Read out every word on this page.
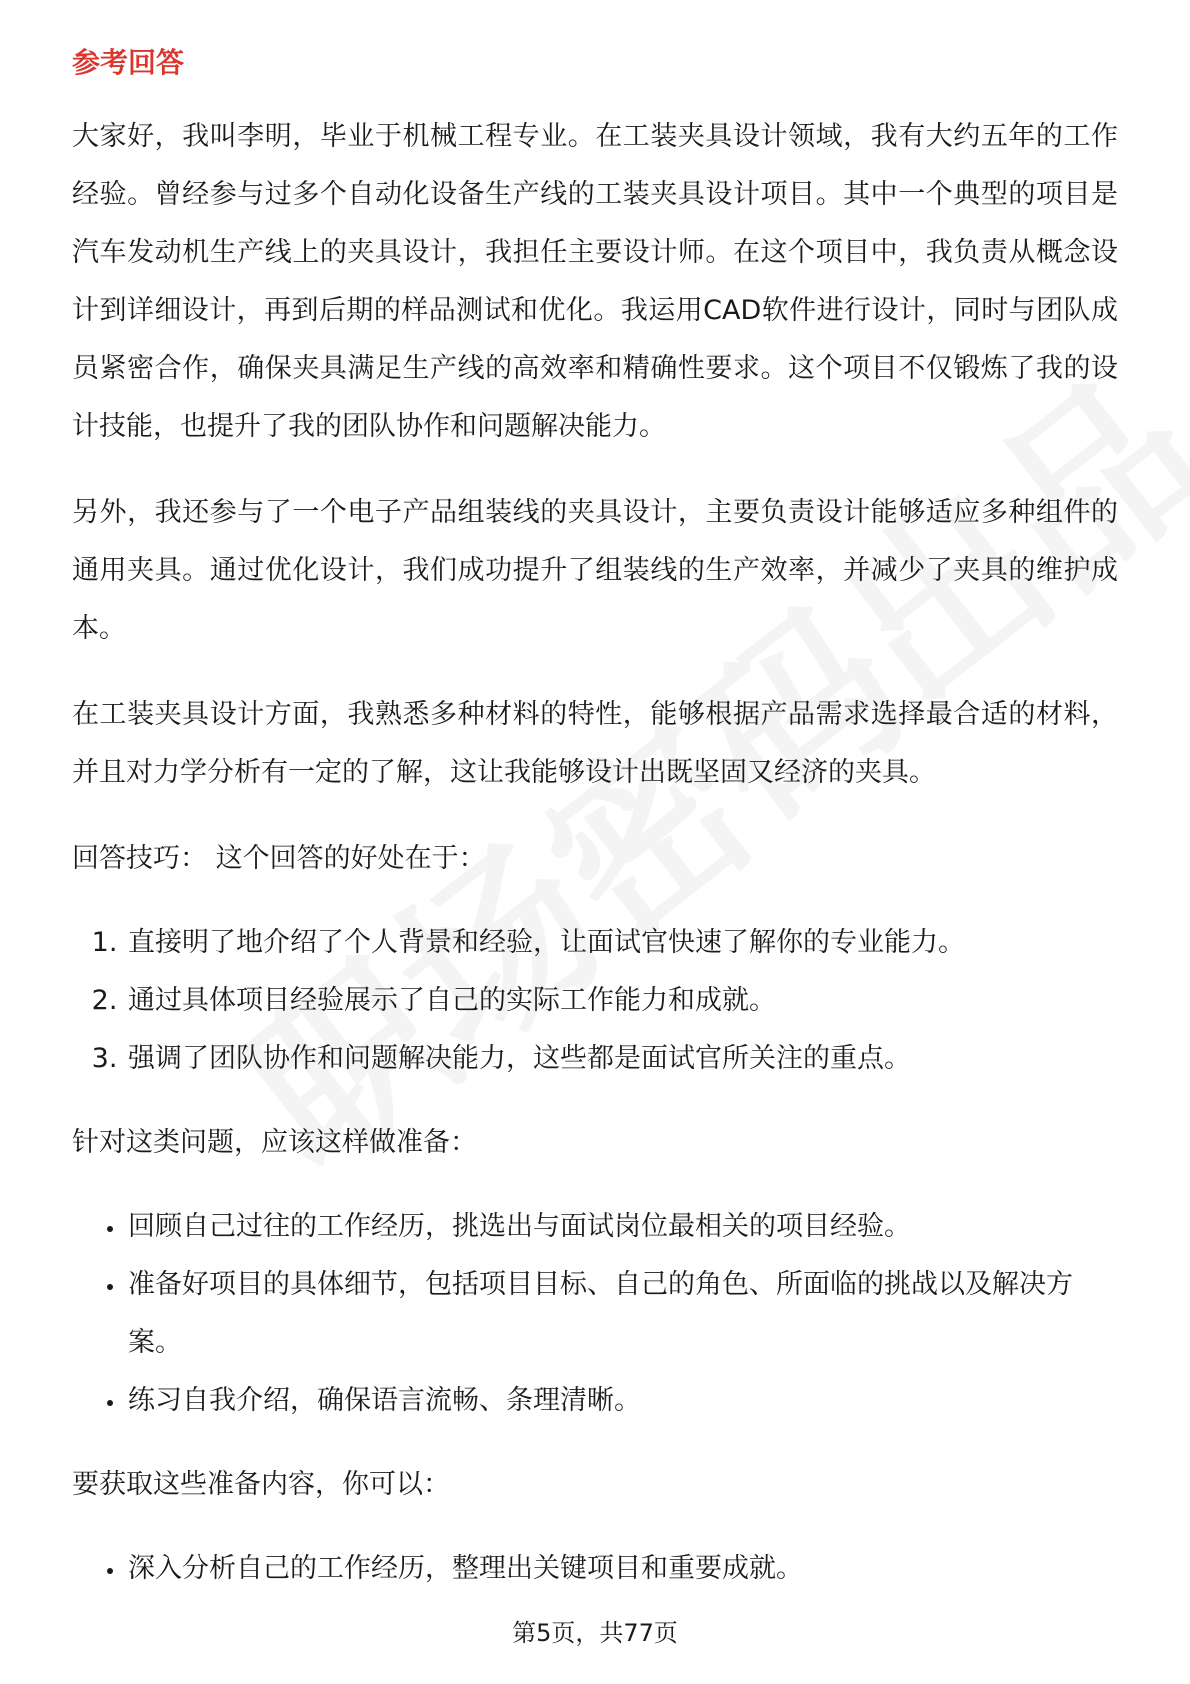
参考回答

大家好，我叫李明，毕业于机械工程专业。在工装夹具设计领域，我有大约五年的工作经验。曾经参与过多个自动化设备生产线的工装夹具设计项目。其中一个典型的项目是汽车发动机生产线上的夹具设计，我担任主要设计师。在这个项目中，我负责从概念设计到详细设计，再到后期的样品测试和优化。我运用CAD软件进行设计，同时与团队成员紧密合作，确保夹具满足生产线的高效率和精确性要求。这个项目不仅锻炼了我的设计技能，也提升了我的团队协作和问题解决能力。

另外，我还参与了一个电子产品组装线的夹具设计，主要负责设计能够适应多种组件的通用夹具。通过优化设计，我们成功提升了组装线的生产效率，并减少了夹具的维护成本。

在工装夹具设计方面，我熟悉多种材料的特性，能够根据产品需求选择最合适的材料，并且对力学分析有一定的了解，这让我能够设计出既坚固又经济的夹具。

回答技巧： 这个回答的好处在于：

1. 直接明了地介绍了个人背景和经验，让面试官快速了解你的专业能力。
2. 通过具体项目经验展示了自己的实际工作能力和成就。
3. 强调了团队协作和问题解决能力，这些都是面试官所关注的重点。

针对这类问题，应该这样做准备：

• 回顾自己过往的工作经历，挑选出与面试岗位最相关的项目经验。
• 准备好项目的具体细节，包括项目目标、自己的角色、所面临的挑战以及解决方案。
• 练习自我介绍，确保语言流畅、条理清晰。

要获取这些准备内容，你可以：

• 深入分析自己的工作经历，整理出关键项目和重要成就。
第5页，共77页
